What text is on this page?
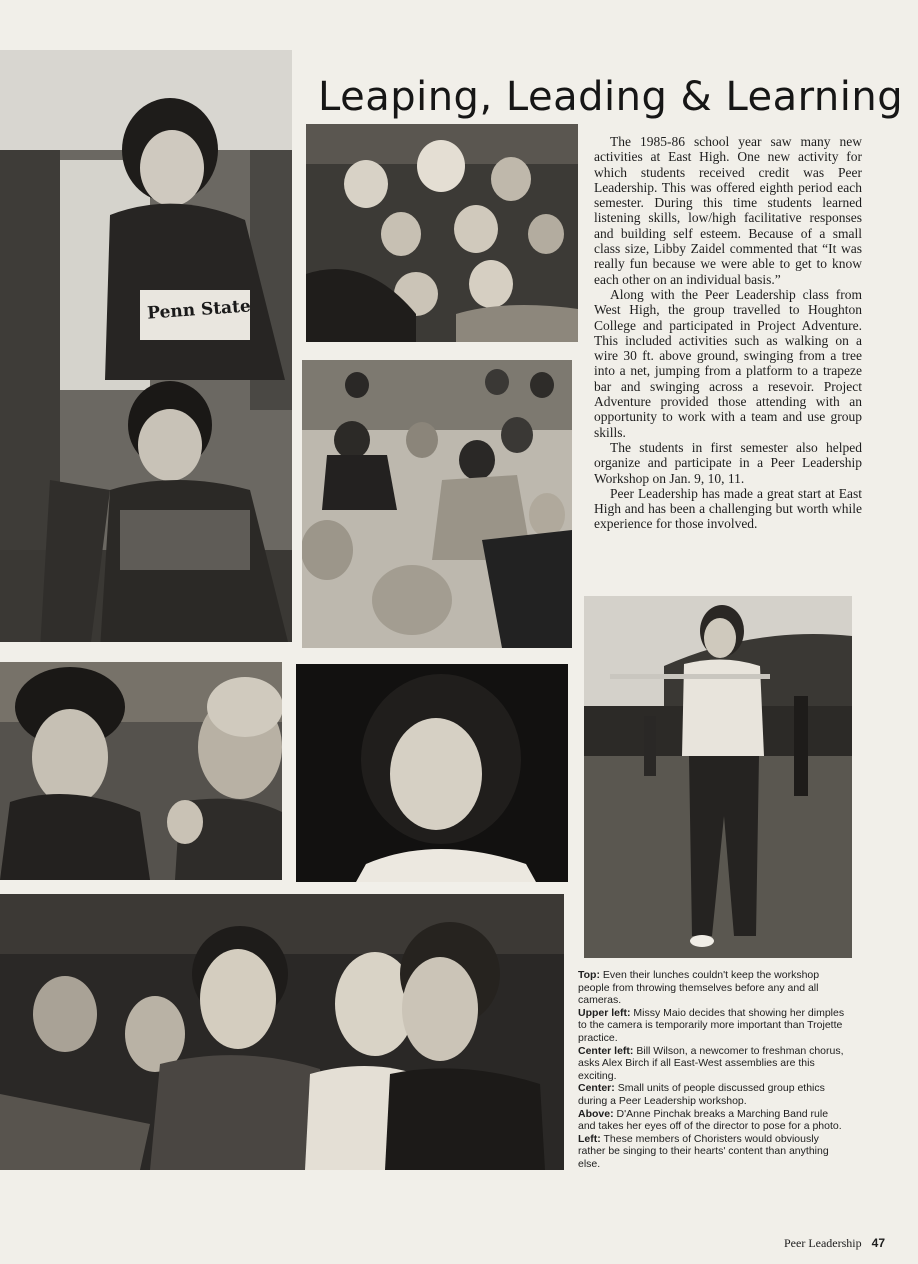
Leaping, Leading & Learning
Penn State

The 1985-86 school year saw many new activities at East High. One new activity for which students received credit was Peer Leadership. This was offered eighth period each semester. During this time students learned listening skills, low/high facilitative responses and building self esteem. Because of a small class size, Libby Zaidel commented that “It was really fun because we were able to get to know each other on an individual basis.”

Along with the Peer Leadership class from West High, the group travelled to Houghton College and participated in Project Adventure. This included activities such as walking on a wire 30 ft. above ground, swinging from a tree into a net, jumping from a platform to a trapeze bar and swinging across a resevoir. Project Adventure provided those attending with an opportunity to work with a team and use group skills.

The students in first semester also helped organize and participate in a Peer Leadership Workshop on Jan. 9, 10, 11.

Peer Leadership has made a great start at East High and has been a challenging but worth while experience for those involved.

Top: Even their lunches couldn't keep the workshop people from throwing themselves before any and all cameras.

Upper left: Missy Maio decides that showing her dimples to the camera is temporarily more important than Trojette practice.

Center left: Bill Wilson, a newcomer to freshman chorus, asks Alex Birch if all East-West assemblies are this exciting.

Center: Small units of people discussed group ethics during a Peer Leadership workshop.

Above: D'Anne Pinchak breaks a Marching Band rule and takes her eyes off of the director to pose for a photo.

Left: These members of Choristers would obviously rather be singing to their hearts' content than anything else.

Peer Leadership 47
